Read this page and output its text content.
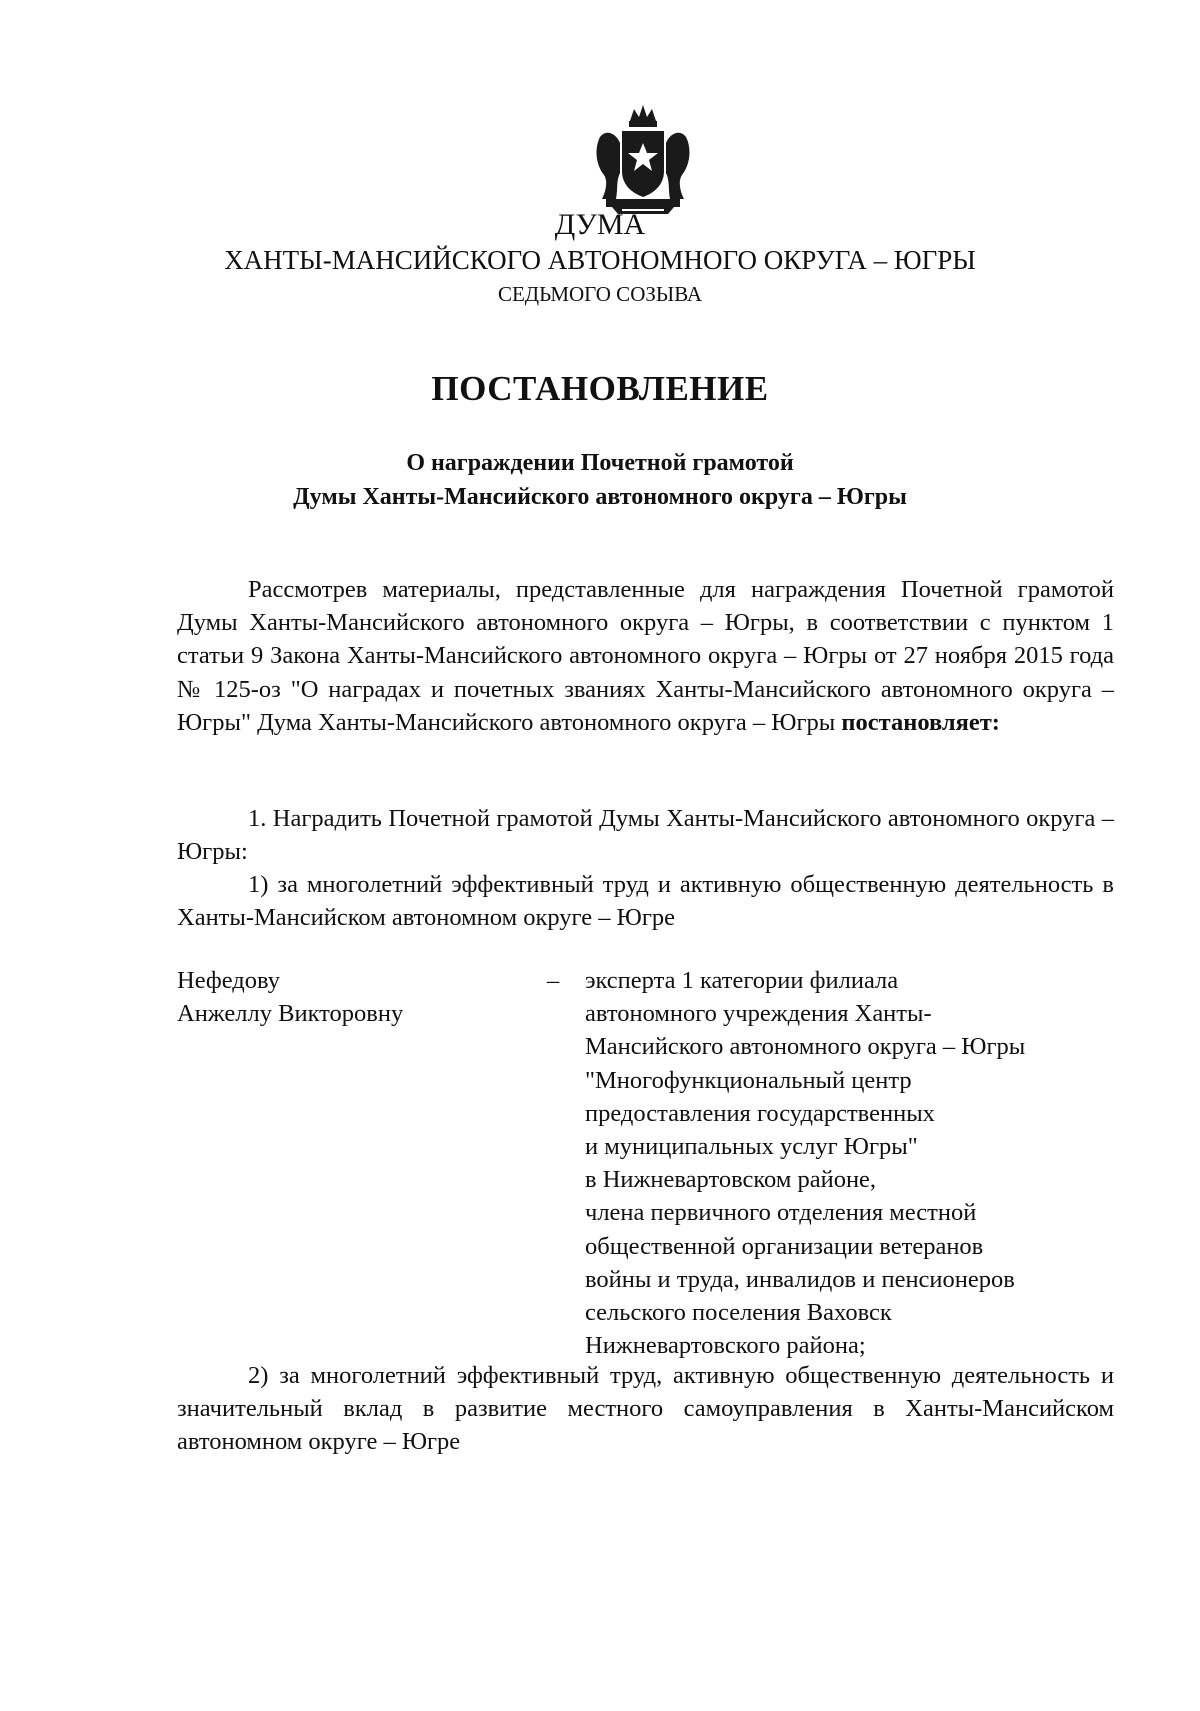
ДУМА
ХАНТЫ-МАНСИЙСКОГО АВТОНОМНОГО ОКРУГА – ЮГРЫ
СЕДЬМОГО СОЗЫВА
ПОСТАНОВЛЕНИЕ
О награждении Почетной грамотой
Думы Ханты-Мансийского автономного округа – Югры
Рассмотрев материалы, представленные для награждения Почетной грамотой Думы Ханты-Мансийского автономного округа – Югры, в соответствии с пунктом 1 статьи 9 Закона Ханты-Мансийского автономного округа – Югры от 27 ноября 2015 года № 125-оз "О наградах и почетных званиях Ханты-Мансийского автономного округа – Югры" Дума Ханты-Мансийского автономного округа – Югры постановляет:
1. Наградить Почетной грамотой Думы Ханты-Мансийского автономного округа – Югры:
1) за многолетний эффективный труд и активную общественную деятельность в Ханты-Мансийском автономном округе – Югре
Нефедову
Анжеллу Викторовну
– эксперта 1 категории филиала
автономного учреждения Ханты-
Мансийского автономного округа – Югры
"Многофункциональный центр
предоставления государственных
и муниципальных услуг Югры"
в Нижневартовском районе,
члена первичного отделения местной
общественной организации ветеранов
войны и труда, инвалидов и пенсионеров
сельского поселения Ваховск
Нижневартовского района;
2) за многолетний эффективный труд, активную общественную деятельность и значительный вклад в развитие местного самоуправления в Ханты-Мансийском автономном округе – Югре
